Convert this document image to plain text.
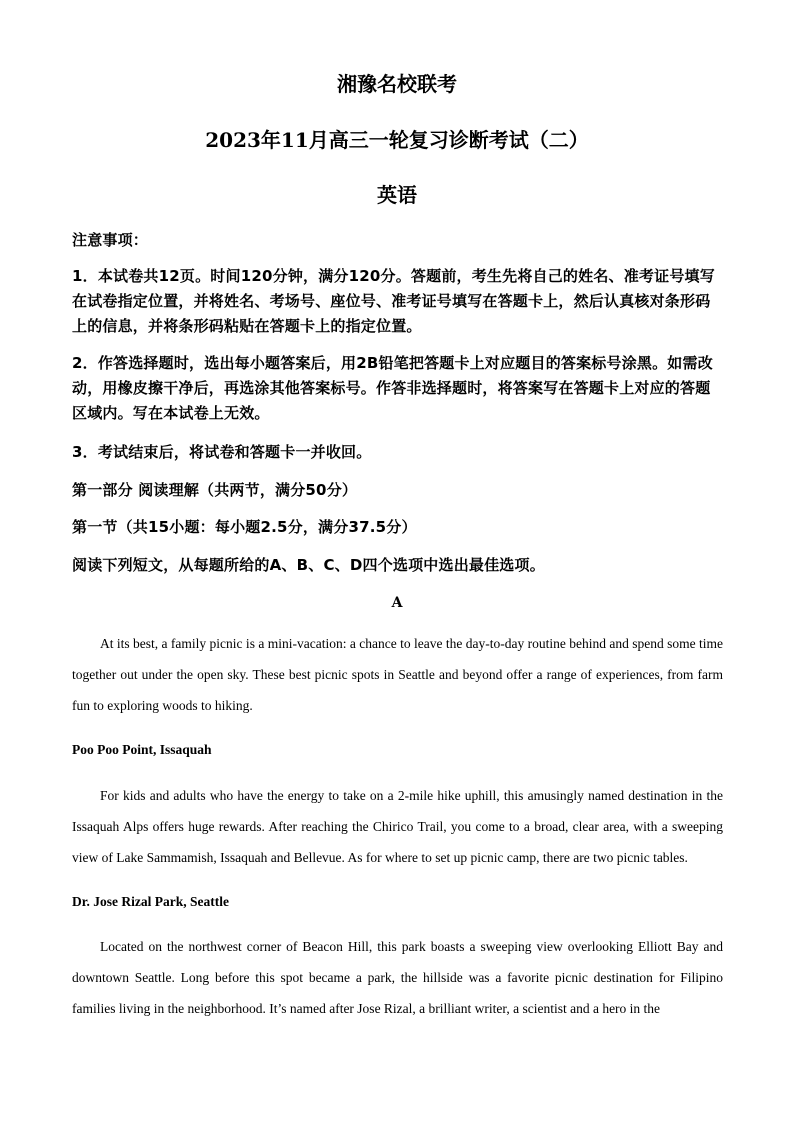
湘豫名校联考
2023年11月高三一轮复习诊断考试（二）
英语
注意事项：
1．本试卷共12页。时间120分钟，满分120分。答题前，考生先将自己的姓名、准考证号填写在试卷指定位置，并将姓名、考场号、座位号、准考证号填写在答题卡上，然后认真核对条形码上的信息，并将条形码粘贴在答题卡上的指定位置。
2．作答选择题时，选出每小题答案后，用2B铅笔把答题卡上对应题目的答案标号涂黑。如需改动，用橡皮擦干净后，再选涂其他答案标号。作答非选择题时，将答案写在答题卡上对应的答题区域内。写在本试卷上无效。
3．考试结束后，将试卷和答题卡一并收回。
第一部分 阅读理解（共两节，满分50分）
第一节（共15小题：每小题2.5分，满分37.5分）
阅读下列短文，从每题所给的A、B、C、D四个选项中选出最佳选项。
A
At its best, a family picnic is a mini-vacation: a chance to leave the day-to-day routine behind and spend some time together out under the open sky. These best picnic spots in Seattle and beyond offer a range of experiences, from farm fun to exploring woods to hiking.
Poo Poo Point, Issaquah
For kids and adults who have the energy to take on a 2-mile hike uphill, this amusingly named destination in the Issaquah Alps offers huge rewards. After reaching the Chirico Trail, you come to a broad, clear area, with a sweeping view of Lake Sammamish, Issaquah and Bellevue. As for where to set up picnic camp, there are two picnic tables.
Dr. Jose Rizal Park, Seattle
Located on the northwest corner of Beacon Hill, this park boasts a sweeping view overlooking Elliott Bay and downtown Seattle. Long before this spot became a park, the hillside was a favorite picnic destination for Filipino families living in the neighborhood. It’s named after Jose Rizal, a brilliant writer, a scientist and a hero in the
